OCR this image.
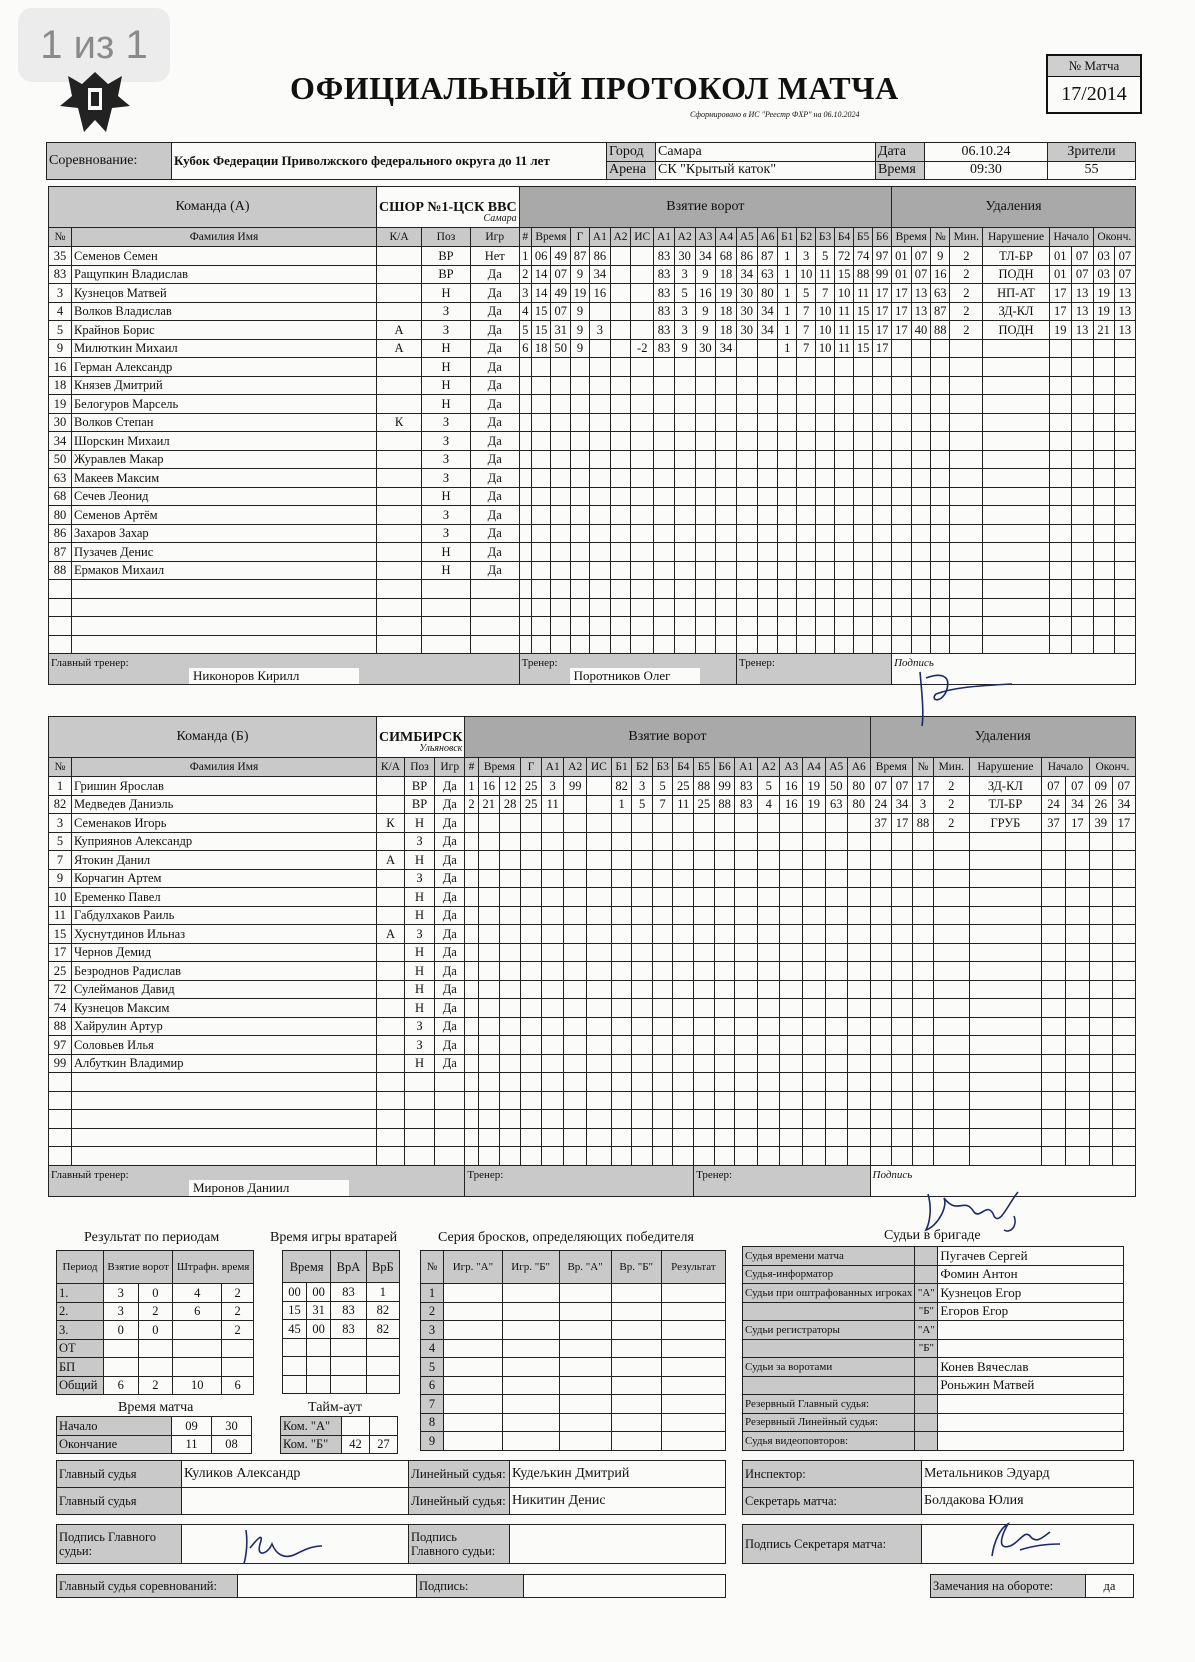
1 из 1
ОФИЦИАЛЬНЫЙ ПРОТОКОЛ МАТЧА
Сформировано в ИС "Реестр ФХР" на 06.10.2024
№ Матча
17/2014
Соревнование:	Кубок Федерации Приволжского федерального округа до 11 лет	Город	Самара	Дата	06.10.24	Зрители
		Арена	СК "Крытый каток"	Время	09:30	55
Команда (А)		СШОР №1-ЦСК ВВС
Самара			Взятие ворот																			Удаления								
№	Фамилия Имя	К/А	Поз	Игр	#	Время		Г	А1	А2	ИС	А1	А2	А3	А4	А5	А6	Б1	Б2	Б3	Б4	Б5	Б6	Время		№	Мин.	Нарушение	Начало		Оконч.	
35	Семенов Семен		ВР	Нет	1	06	49	87	86			83	30	34	68	86	87	1	3	5	72	74	97	01	07	9	2	ТЛ-БР	01	07	03	07
83	Ращупкин Владислав		ВР	Да	2	14	07	9	34			83	3	9	18	34	63	1	10	11	15	88	99	01	07	16	2	ПОДН	01	07	03	07
3	Кузнецов Матвей		Н	Да	3	14	49	19	16			83	5	16	19	30	80	1	5	7	10	11	17	17	13	63	2	НП-АТ	17	13	19	13
4	Волков Владислав		З	Да	4	15	07	9				83	3	9	18	30	34	1	7	10	11	15	17	17	13	87	2	ЗД-КЛ	17	13	19	13
5	Крайнов Борис	А	З	Да	5	15	31	9	3			83	3	9	18	30	34	1	7	10	11	15	17	17	40	88	2	ПОДН	19	13	21	13
9	Милюткин Михаил	А	Н	Да	6	18	50	9			-2	83	9	30	34			1	7	10	11	15	17									
16	Герман Александр		Н	Да																												
18	Князев Дмитрий		Н	Да																												
19	Белогуров Марсель		Н	Да																												
30	Волков Степан	К	З	Да																												
34	Шорскин Михаил		З	Да																												
50	Журавлев Макар		З	Да																												
63	Макеев Максим		З	Да																												
68	Сечев Леонид		Н	Да																												
80	Семенов Артём		З	Да																												
86	Захаров Захар		З	Да																												
87	Пузачев Денис		Н	Да																												
88	Ермаков Михаил		Н	Да																												

Главный тренер:
Никоноров Кирилл					Тренер:
Поротников Олег											Тренер:								Подпись								
Команда (Б)		СИМБИРСК
Ульяновск			Взятие ворот																			Удаления								
№	Фамилия Имя	К/А	Поз	Игр	#	Время		Г	А1	А2	ИС	Б1	Б2	Б3	Б4	Б5	Б6	А1	А2	А3	А4	А5	А6	Время		№	Мин.	Нарушение	Начало		Оконч.	
1	Гришин Ярослав		ВР	Да	1	16	12	25	3	99		82	3	5	25	88	99	83	5	16	19	50	80	07	07	17	2	ЗД-КЛ	07	07	09	07
82	Медведев Даниэль		ВР	Да	2	21	28	25	11			1	5	7	11	25	88	83	4	16	19	63	80	24	34	3	2	ТЛ-БР	24	34	26	34
3	Семенаков Игорь	К	Н	Да																				37	17	88	2	ГРУБ	37	17	39	17
5	Куприянов Александр		З	Да																												
7	Ятокин Данил	А	Н	Да																												
9	Корчагин Артем		З	Да																												
10	Еременко Павел		Н	Да																												
11	Габдулхаков Раиль		Н	Да																												
15	Хуснутдинов Ильназ	А	З	Да																												
17	Чернов Демид		Н	Да																												
25	Безроднов Радислав		Н	Да																												
72	Сулейманов Давид		Н	Да																												
74	Кузнецов Максим		Н	Да																												
88	Хайрулин Артур		З	Да																												
97	Соловьев Илья		З	Да																												
99	Албуткин Владимир		Н	Да																												

Главный тренер:
Миронов Даниил					Тренер:											Тренер:								Подпись								
Результат по периодам
Период	Взятие ворот		Штрафн. время	
1.	3	0	4	2
2.	3	2	6	2
3.	0	0		2
ОТ				
БП				
Общий	6	2	10	6
Время игры вратарей
Время		ВрА	ВрБ
00	00	83	1
15	31	83	82
45	00	83	82

Серия бросков, определяющих победителя
№	Игр. "А"	Игр. "Б"	Вр. "А"	Вр. "Б"	Результат
1					
2					
3					
4					
5					
6					
7					
8					
9					
Время матча
Начало	09	30
Окончание	11	08
Тайм-аут
Ком. "А"		
Ком. "Б"	42	27
Судьи в бригаде
Судья времени матча		Пугачев Сергей
Судья-информатор		Фомин Антон
Судьи при оштрафованных игроках	"А"	Кузнецов Егор
	"Б"	Егоров Егор
Судьи регистраторы	"А"	
	"Б"	
Судьи за воротами		Конев Вячеслав
		Роньжин Матвей
Резервный Главный судья:		
Резервный Линейный судья:		
Судья видеоповторов:		
Главный судья	Куликов Александр	Линейный судья:	Кудељкин Дмитрий
Главный судья		Линейный судья:	Никитин Денис
Инспектор:	Метальников Эдуард
Секретарь матча:	Болдакова Юлия
Подпись Главного судьи:		Подпись Главного судьи:		Подпись Секретаря матча:	
Главный судья соревнований:		Подпись:		Замечания на обороте:	да
